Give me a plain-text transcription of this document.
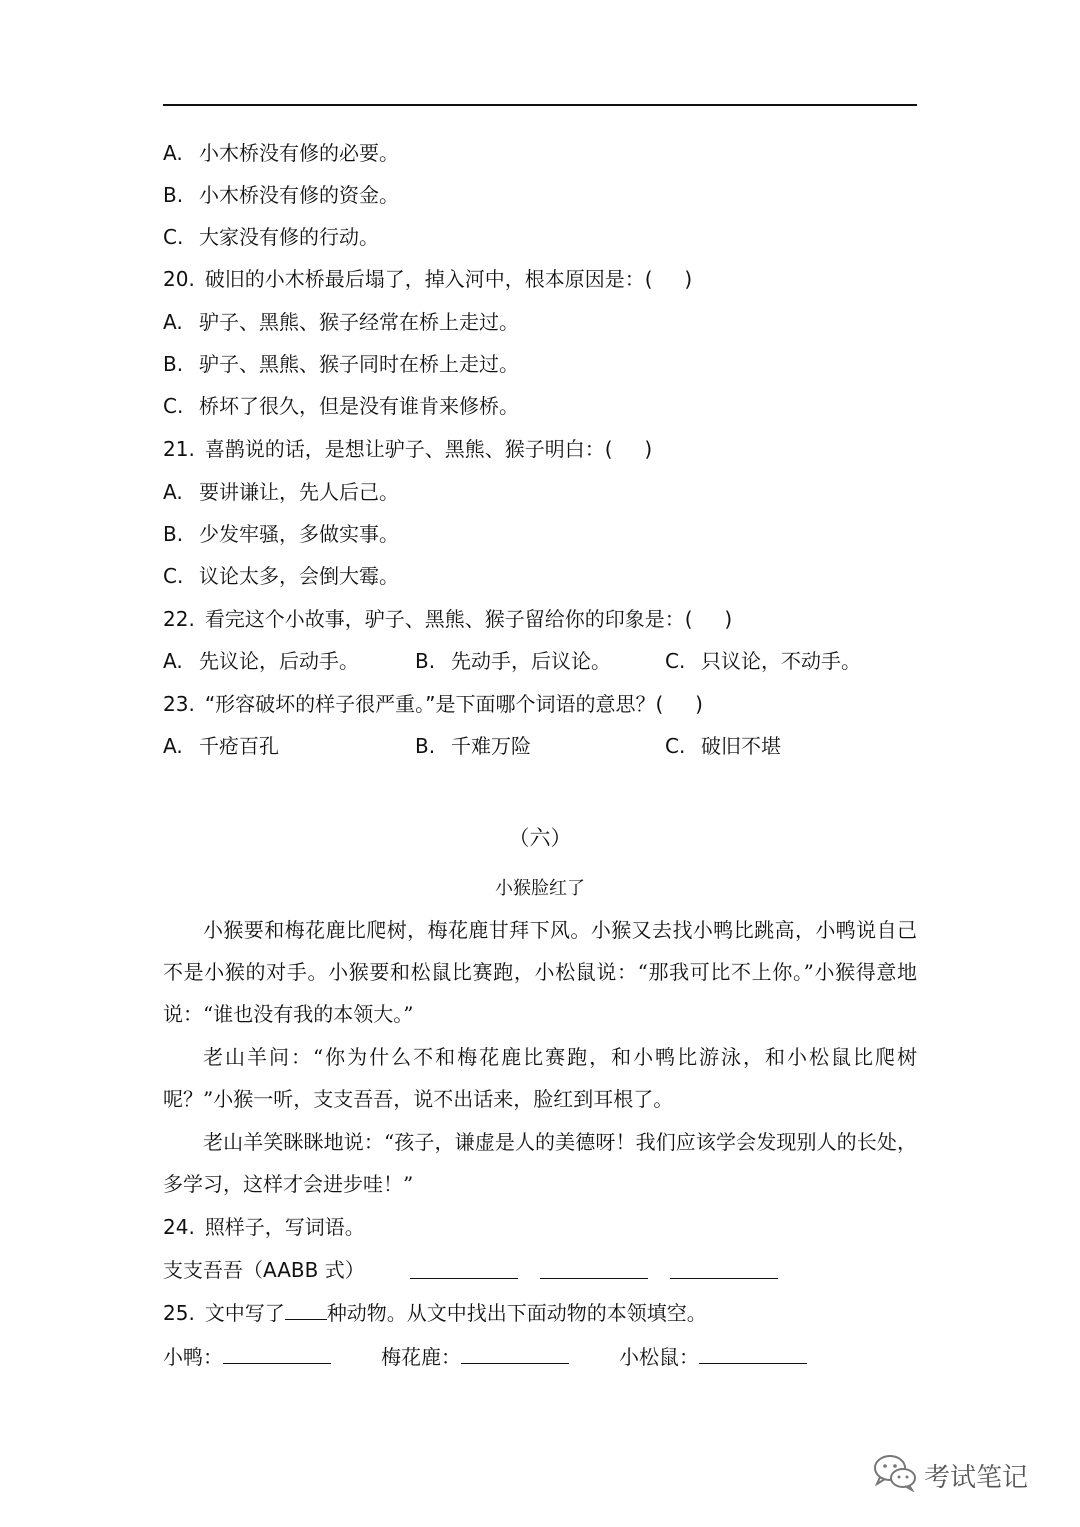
A. 小木桥没有修的必要。
B. 小木桥没有修的资金。
C. 大家没有修的行动。
20. 破旧的小木桥最后塌了，掉入河中，根本原因是：(     )
A. 驴子、黑熊、猴子经常在桥上走过。
B. 驴子、黑熊、猴子同时在桥上走过。
C. 桥坏了很久，但是没有谁肯来修桥。
21. 喜鹊说的话，是想让驴子、黑熊、猴子明白：(     )
A. 要讲谦让，先人后己。
B. 少发牢骚，多做实事。
C. 议论太多，会倒大霉。
22. 看完这个小故事，驴子、黑熊、猴子留给你的印象是：(     )
A. 先议论，后动手。	B. 先动手，后议论。	C. 只议论，不动手。
23. “形容破坏的样子很严重。”是下面哪个词语的意思？(     )
A. 千疮百孔	B. 千难万险	C. 破旧不堪
（六）
小猴脸红了
小猴要和梅花鹿比爬树，梅花鹿甘拜下风。小猴又去找小鸭比跳高，小鸭说自己不是小猴的对手。小猴要和松鼠比赛跑，小松鼠说：“那我可比不上你。”小猴得意地说：“谁也没有我的本领大。”
老山羊问：“你为什么不和梅花鹿比赛跑，和小鸭比游泳，和小松鼠比爬树呢？”小猴一听，支支吾吾，说不出话来，脸红到耳根了。
老山羊笑眯眯地说：“孩子，谦虚是人的美德呀！我们应该学会发现别人的长处，多学习，这样才会进步哇！”
24. 照样子，写词语。
支支吾吾（AABB 式）
25. 文中写了 种动物。从文中找出下面动物的本领填空。
小鸭：	梅花鹿：	小松鼠：
考试笔记
